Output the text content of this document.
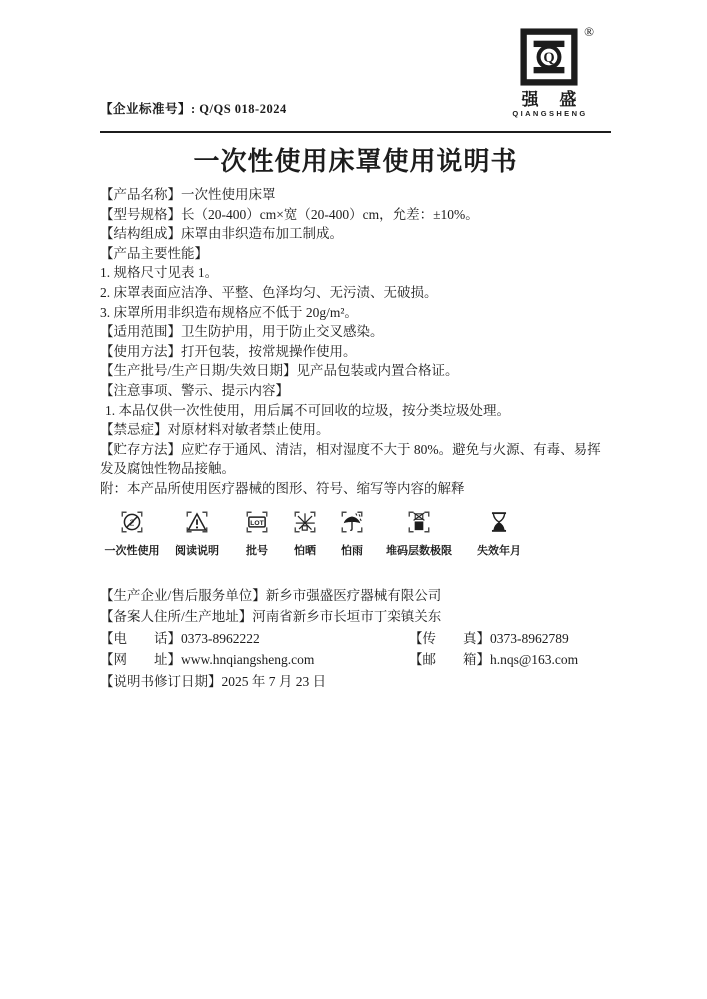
【企业标准号】: Q/QS 018-2024
Q
®
强 盛
QIANGSHENG
一次性使用床罩使用说明书
【产品名称】一次性使用床罩
【型号规格】长（20-400）cm×宽（20-400）cm，允差：±10%。
【结构组成】床罩由非织造布加工制成。
【产品主要性能】
1. 规格尺寸见表 1。
2. 床罩表面应洁净、平整、色泽均匀、无污渍、无破损。
3. 床罩所用非织造布规格应不低于 20g/m²。
【适用范围】卫生防护用，用于防止交叉感染。
【使用方法】打开包装，按常规操作使用。
【生产批号/生产日期/失效日期】见产品包装或内置合格证。
【注意事项、警示、提示内容】
1. 本品仅供一次性使用，用后属不可回收的垃圾，按分类垃圾处理。
【禁忌症】对原材料对敏者禁止使用。
【贮存方法】应贮存于通风、清洁，相对湿度不大于 80%。避免与火源、有毒、易挥发及腐蚀性物品接触。
附：本产品所使用医疗器械的图形、符号、缩写等内容的解释
2
一次性使用	阅读说明
LOT
批号	怕晒	怕雨	堆码层数极限	失效年月
【生产企业/售后服务单位】新乡市强盛医疗器械有限公司
【备案人住所/生产地址】河南省新乡市长垣市丁栾镇关东
【电　　话】0373-8962222	【传　　真】0373-8962789
【网　　址】www.hnqiangsheng.com	【邮　　箱】h.nqs@163.com
【说明书修订日期】2025 年 7 月 23 日
